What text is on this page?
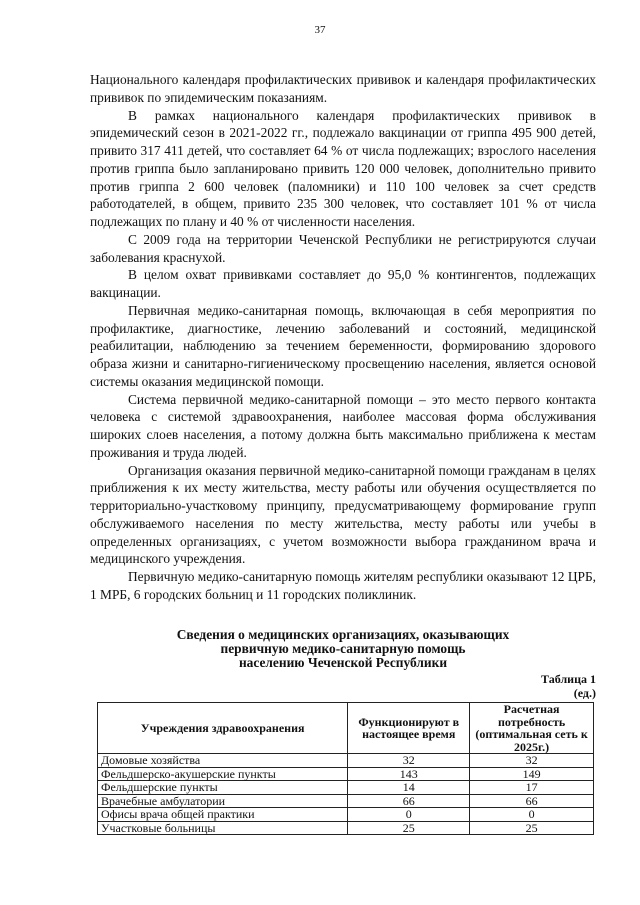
37

Национального календаря профилактических прививок и календаря профилактических прививок по эпидемическим показаниям.

В рамках национального календаря профилактических прививок в эпидемический сезон в 2021-2022 гг., подлежало вакцинации от гриппа 495 900 детей, привито 317 411 детей, что составляет 64 % от числа подлежащих; взрослого населения против гриппа было запланировано привить 120 000 человек, дополнительно привито против гриппа 2 600 человек (паломники) и 110 100 человек за счет средств работодателей, в общем, привито 235 300 человек, что составляет 101 % от числа подлежащих по плану и 40 % от численности населения.

С 2009 года на территории Чеченской Республики не регистрируются случаи заболевания краснухой.

В целом охват прививками составляет до 95,0 % контингентов, подлежащих вакцинации.

Первичная медико-санитарная помощь, включающая в себя мероприятия по профилактике, диагностике, лечению заболеваний и состояний, медицинской реабилитации, наблюдению за течением беременности, формированию здорового образа жизни и санитарно-гигиеническому просвещению населения, является основой системы оказания медицинской помощи.

Система первичной медико-санитарной помощи – это место первого контакта человека с системой здравоохранения, наиболее массовая форма обслуживания широких слоев населения, а потому должна быть максимально приближена к местам проживания и труда людей.

Организация оказания первичной медико-санитарной помощи гражданам в целях приближения к их месту жительства, месту работы или обучения осуществляется по территориально-участковому принципу, предусматривающему формирование групп обслуживаемого населения по месту жительства, месту работы или учебы в определенных организациях, с учетом возможности выбора гражданином врача и медицинского учреждения.

Первичную медико-санитарную помощь жителям республики оказывают 12 ЦРБ, 1 МРБ, 6 городских больниц и 11 городских поликлиник.

Сведения о медицинских организациях, оказывающих
первичную медико-санитарную помощь
населению Чеченской Республики

Таблица 1
(ед.)

Учреждения здравоохранения	Функционируют в настоящее время	Расчетная потребность (оптимальная сеть к 2025г.)
Домовые хозяйства	32	32
Фельдшерско-акушерские пункты	143	149
Фельдшерские пункты	14	17
Врачебные амбулатории	66	66
Офисы врача общей практики	0	0
Участковые больницы	25	25
